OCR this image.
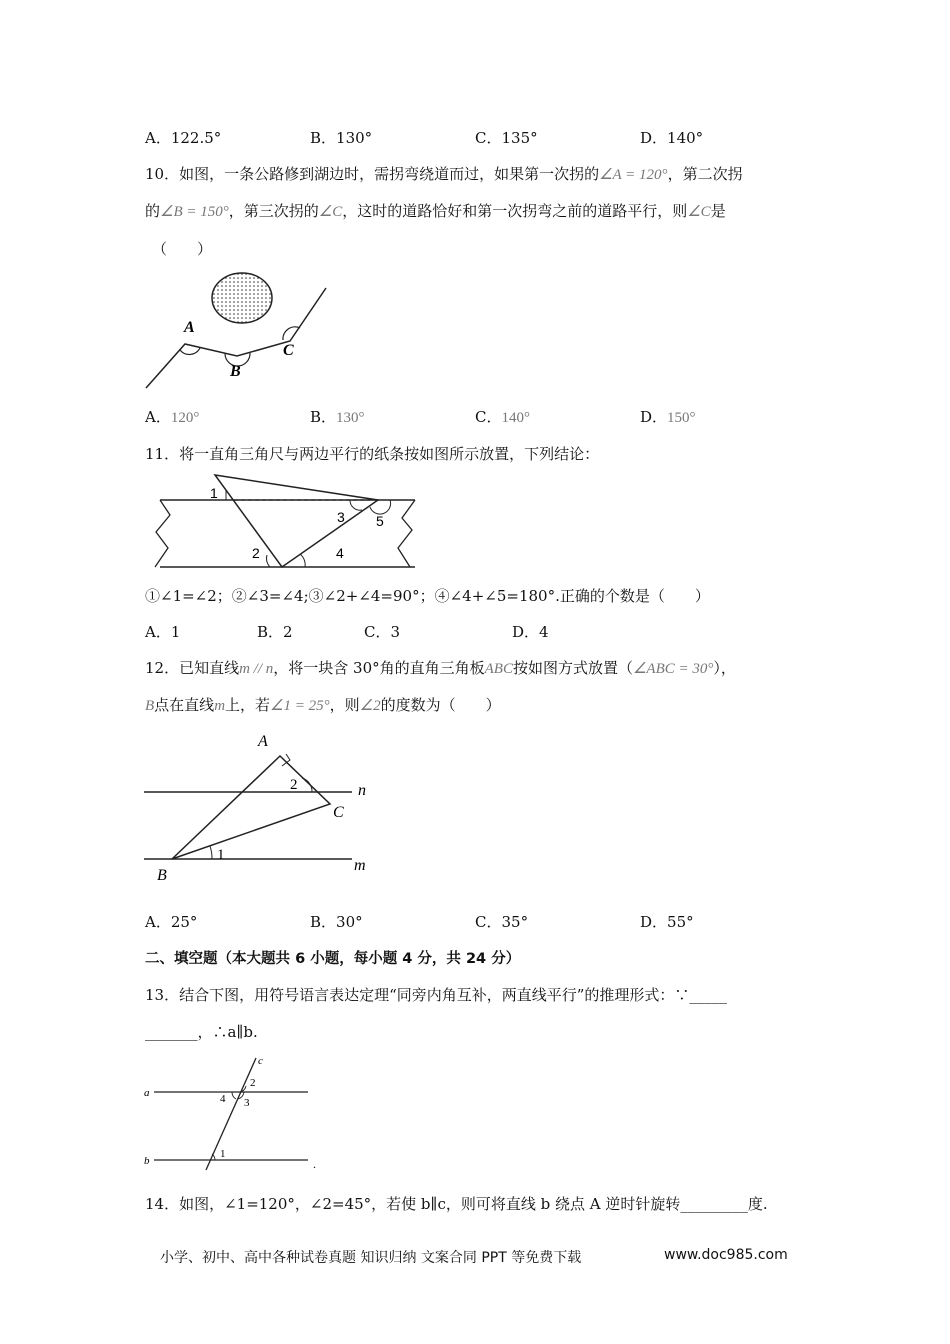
A．122.5°	B．130°	C．135°	D．140°
10．如图，一条公路修到湖边时，需拐弯绕道而过，如果第一次拐的∠A = 120°，第二次拐
的∠B = 150°，第三次拐的∠C，这时的道路恰好和第一次拐弯之前的道路平行，则∠C是
（　　）
A
B
C
A．120°	B．130°	C．140°	D．150°
11．将一直角三角尺与两边平行的纸条按如图所示放置，下列结论：
1
2
3
4
5
①∠1=∠2；②∠3=∠4;③∠2+∠4=90°；④∠4+∠5=180°.正确的个数是（　　）
A．1	B．2	C．3	D．4
12．已知直线m // n，将一块含 30°角的直角三角板ABC按如图方式放置（∠ABC = 30°），
B点在直线m上，若∠1 = 25°，则∠2的度数为（　　）
A
B
C
n
m
1
2
A．25°	B．30°	C．35°	D．55°
二、填空题（本大题共 6 小题，每小题 4 分，共 24 分）
13．结合下图，用符号语言表达定理“同旁内角互补，两直线平行”的推理形式：∵_____
_______，∴a∥b.
a
b
c
2
3
4
1
.
14．如图，∠1=120°，∠2=45°，若使 b∥c，则可将直线 b 绕点 A 逆时针旋转_________度.
小学、初中、高中各种试卷真题 知识归纳 文案合同 PPT 等免费下载	www.doc985.com
